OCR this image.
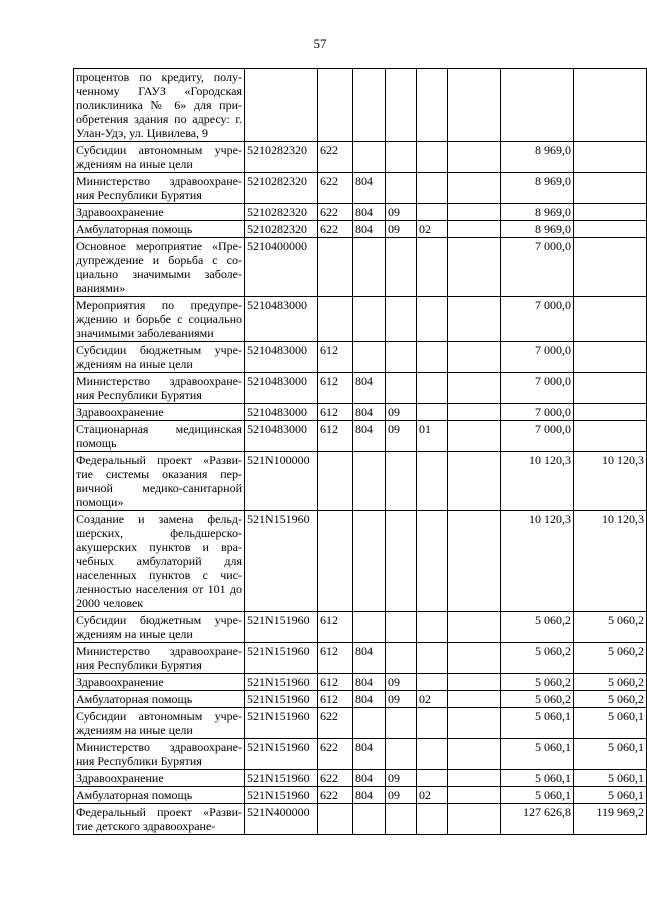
57
процентов по кредиту, полу-ченному ГАУЗ «Городская поликлиника № 6» для при-обретения здания по адресу: г. Улан-Удэ, ул. Цивилева, 9								
Субсидии автономным учре-ждениям на иные цели	5210282320	622					8 969,0	
Министерство здравоохране-ния Республики Бурятия	5210282320	622	804				8 969,0	
Здравоохранение	5210282320	622	804	09			8 969,0	
Амбулаторная помощь	5210282320	622	804	09	02		8 969,0	
Основное мероприятие «Пре-дупреждение и борьба с со-циально значимыми заболе-ваниями»	5210400000						7 000,0	
Мероприятия по предупре-ждению и борьбе с социально значимыми заболеваниями	5210483000						7 000,0	
Субсидии бюджетным учре-ждениям на иные цели	5210483000	612					7 000,0	
Министерство здравоохране-ния Республики Бурятия	5210483000	612	804				7 000,0	
Здравоохранение	5210483000	612	804	09			7 000,0	
Стационарная медицинская помощь	5210483000	612	804	09	01		7 000,0	
Федеральный проект «Разви-тие системы оказания пер-вичной медико-санитарной помощи»	521N100000						10 120,3	10 120,3
Создание и замена фельд-шерских, фельдшерско-акушерских пунктов и вра-чебных амбулаторий для населенных пунктов с чис-ленностью населения от 101 до 2000 человек	521N151960						10 120,3	10 120,3
Субсидии бюджетным учре-ждениям на иные цели	521N151960	612					5 060,2	5 060,2
Министерство здравоохране-ния Республики Бурятия	521N151960	612	804				5 060,2	5 060,2
Здравоохранение	521N151960	612	804	09			5 060,2	5 060,2
Амбулаторная помощь	521N151960	612	804	09	02		5 060,2	5 060,2
Субсидии автономным учре-ждениям на иные цели	521N151960	622					5 060,1	5 060,1
Министерство здравоохране-ния Республики Бурятия	521N151960	622	804				5 060,1	5 060,1
Здравоохранение	521N151960	622	804	09			5 060,1	5 060,1
Амбулаторная помощь	521N151960	622	804	09	02		5 060,1	5 060,1
Федеральный проект «Разви-тие детского здравоохране-	521N400000						127 626,8	119 969,2
